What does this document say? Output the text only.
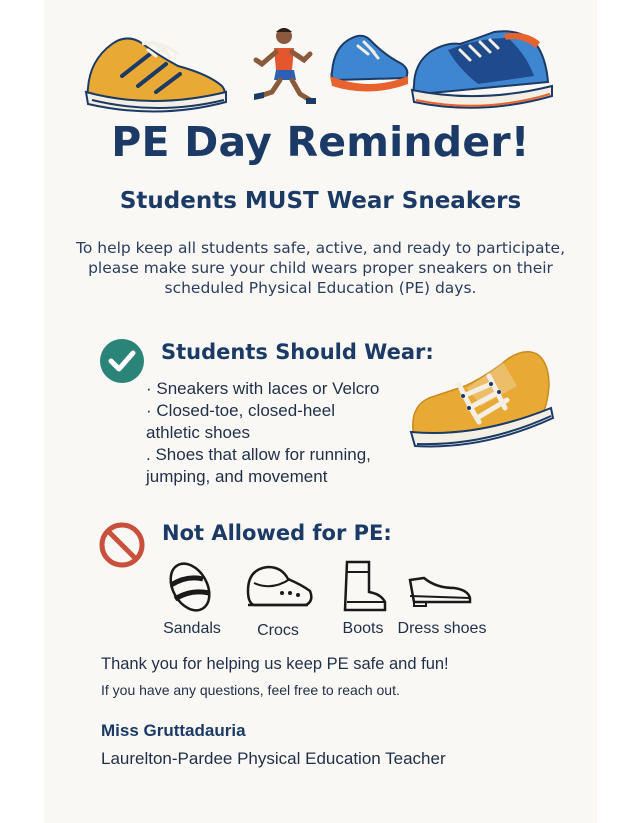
PE Day Reminder!
Students MUST Wear Sneakers
To help keep all students safe, active, and ready to participate,
please make sure your child wears proper sneakers on their
scheduled Physical Education (PE) days.
Students Should Wear:
· Sneakers with laces or Velcro
· Closed-toe, closed-heel
athletic shoes
. Shoes that allow for running,
jumping, and movement
Not Allowed for PE:
Sandals	Crocs	Boots Dress shoes
Thank you for helping us keep PE safe and fun!
If you have any questions, feel free to reach out.
Miss Gruttadauria
Laurelton-Pardee Physical Education Teacher
